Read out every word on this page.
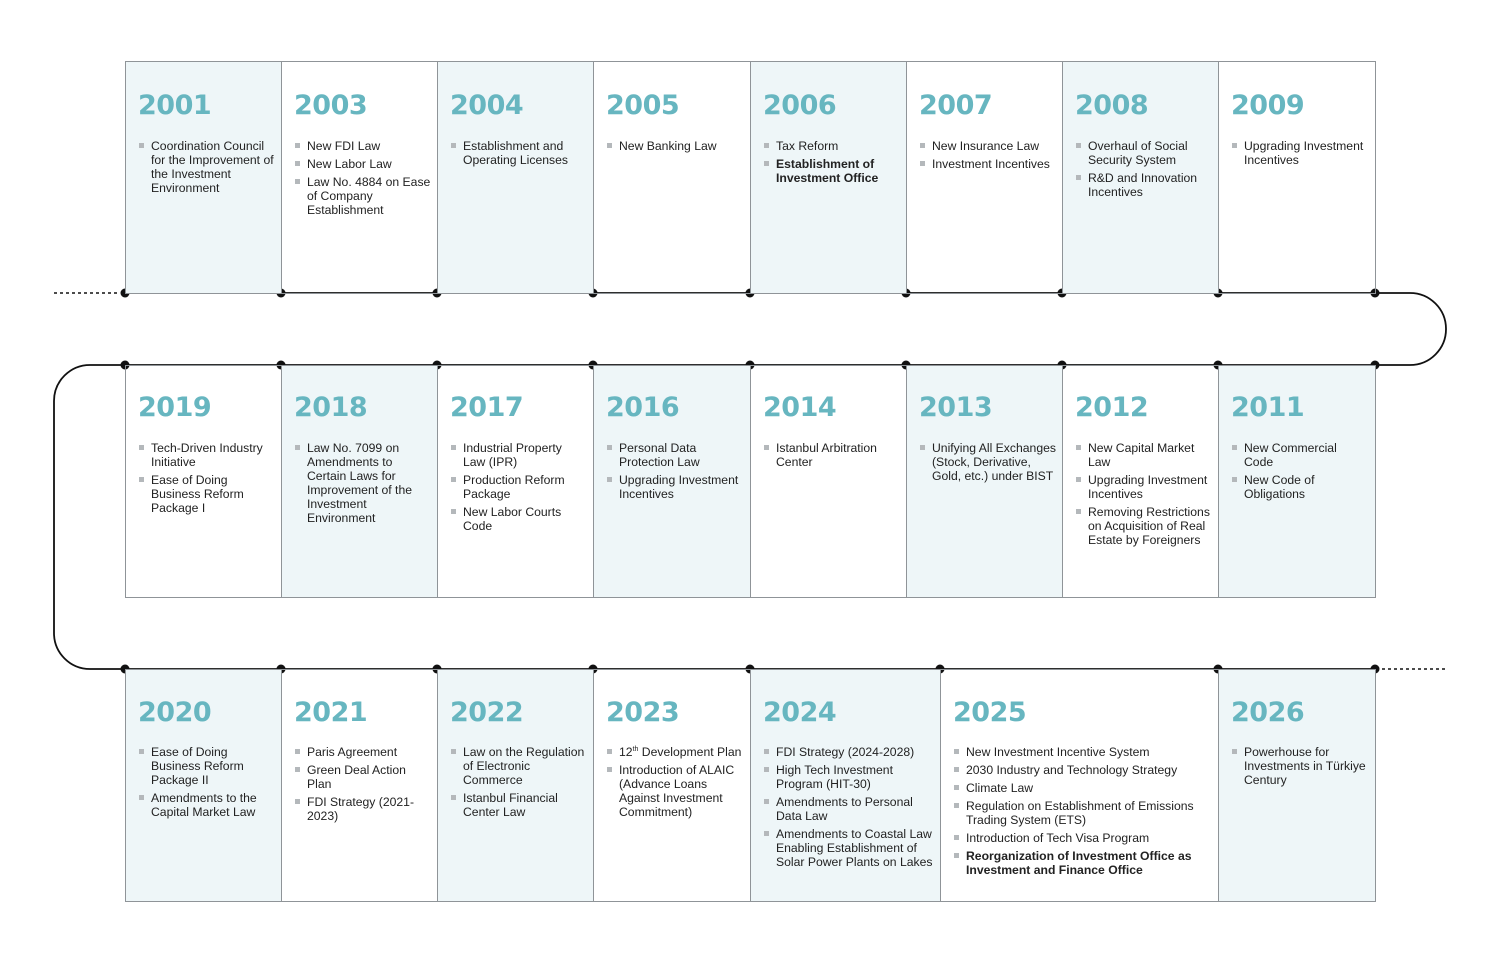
2001
Coordination Council for the Improvement of the Investment Environment
2003
New FDI Law
New Labor Law
Law No. 4884 on Ease of Company Establishment
2004
Establishment and Operating Licenses
2005
New Banking Law
2006
Tax Reform
Establishment of Investment Office
2007
New Insurance Law
Investment Incentives
2008
Overhaul of Social Security System
R&D and Innovation Incentives
2009
Upgrading Investment Incentives
2019
Tech-Driven Industry Initiative
Ease of Doing Business Reform Package I
2018
Law No. 7099 on Amendments to Certain Laws for Improvement of the Investment Environment
2017
Industrial Property Law (IPR)
Production Reform Package
New Labor Courts Code
2016
Personal Data Protection Law
Upgrading Investment Incentives
2014
Istanbul Arbitration Center
2013
Unifying All Exchanges (Stock, Derivative, Gold, etc.) under BIST
2012
New Capital Market Law
Upgrading Investment Incentives
Removing Restrictions on Acquisition of Real Estate by Foreigners
2011
New Commercial Code
New Code of Obligations
2020
Ease of Doing Business Reform Package II
Amendments to the Capital Market Law
2021
Paris Agreement
Green Deal Action Plan
FDI Strategy (2021-2023)
2022
Law on the Regulation of Electronic Commerce
Istanbul Financial Center Law
2023
12th Development Plan
Introduction of ALAIC (Advance Loans Against Investment Commitment)
2024
FDI Strategy (2024-2028)
High Tech Investment Program (HIT-30)
Amendments to Personal Data Law
Amendments to Coastal Law Enabling Establishment of Solar Power Plants on Lakes
2025
New Investment Incentive System
2030 Industry and Technology Strategy
Climate Law
Regulation on Establishment of Emissions Trading System (ETS)
Introduction of Tech Visa Program
Reorganization of Investment Office as Investment and Finance Office
2026
Powerhouse for Investments in Türkiye Century
